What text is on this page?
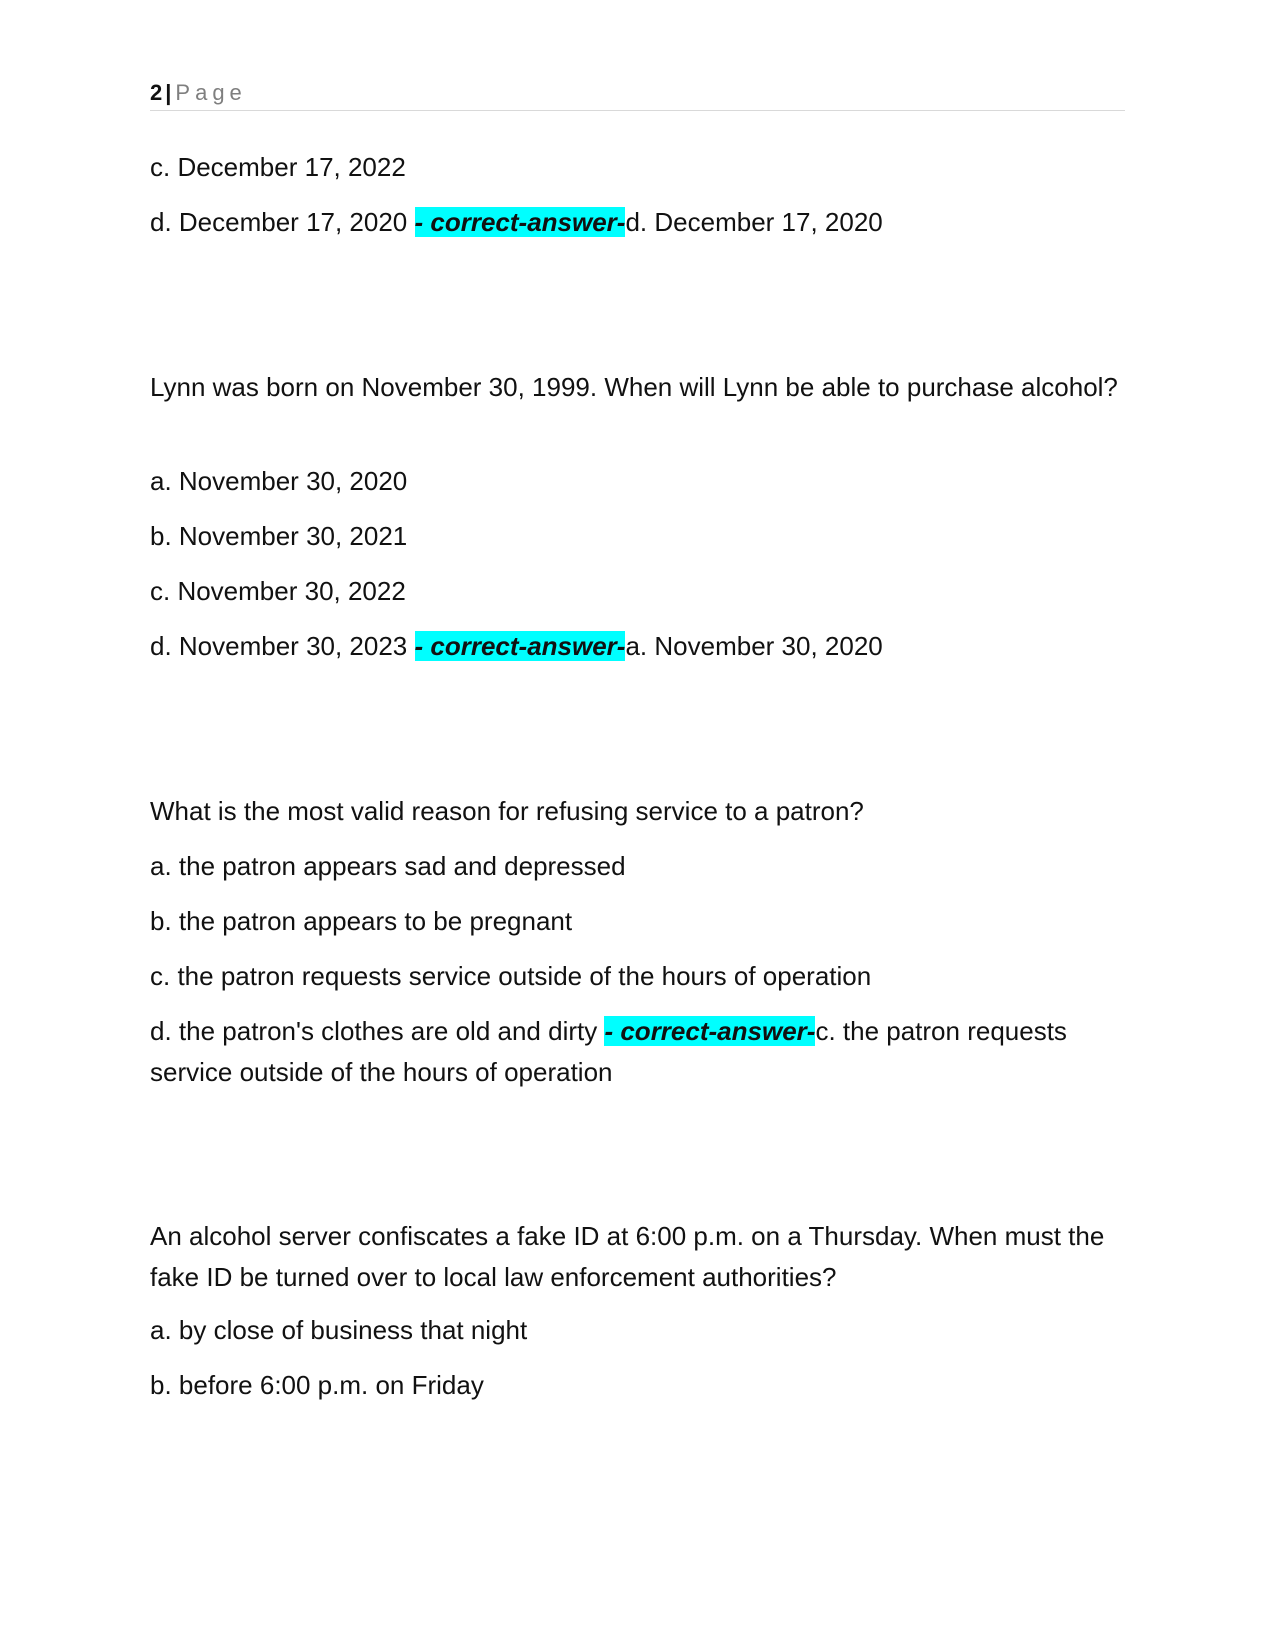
2 | Page
c. December 17, 2022
d. December 17, 2020 - correct-answer-d. December 17, 2020
Lynn was born on November 30, 1999. When will Lynn be able to purchase alcohol?
a. November 30, 2020
b. November 30, 2021
c. November 30, 2022
d. November 30, 2023 - correct-answer-a. November 30, 2020
What is the most valid reason for refusing service to a patron?
a. the patron appears sad and depressed
b. the patron appears to be pregnant
c. the patron requests service outside of the hours of operation
d. the patron's clothes are old and dirty - correct-answer-c. the patron requests service outside of the hours of operation
An alcohol server confiscates a fake ID at 6:00 p.m. on a Thursday. When must the fake ID be turned over to local law enforcement authorities?
a. by close of business that night
b. before 6:00 p.m. on Friday
